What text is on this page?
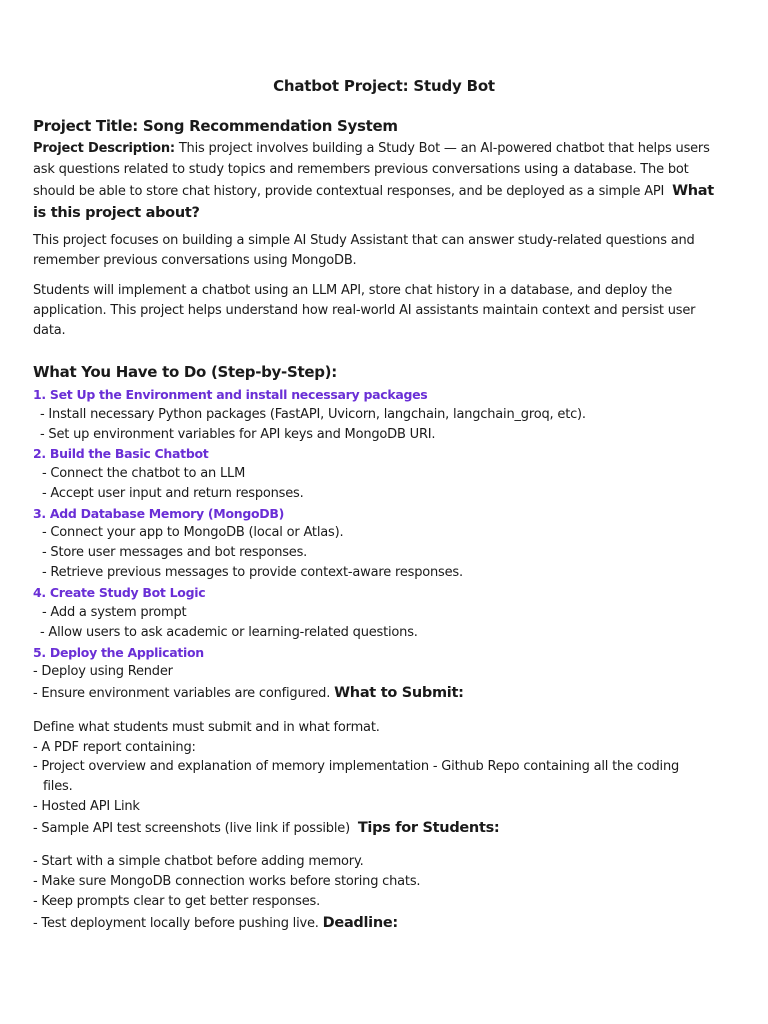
Chatbot Project: Study Bot
Project Title: Song Recommendation System
Project Description: This project involves building a Study Bot — an AI-powered chatbot that helps users
ask questions related to study topics and remembers previous conversations using a database. The bot
should be able to store chat history, provide contextual responses, and be deployed as a simple API What
is this project about?
This project focuses on building a simple AI Study Assistant that can answer study-related questions and
remember previous conversations using MongoDB.
Students will implement a chatbot using an LLM API, store chat history in a database, and deploy the
application. This project helps understand how real-world AI assistants maintain context and persist user
data.
What You Have to Do (Step-by-Step):
1. Set Up the Environment and install necessary packages
- Install necessary Python packages (FastAPI, Uvicorn, langchain, langchain_groq, etc).
- Set up environment variables for API keys and MongoDB URI.
2. Build the Basic Chatbot
- Connect the chatbot to an LLM
- Accept user input and return responses.
3. Add Database Memory (MongoDB)
- Connect your app to MongoDB (local or Atlas).
- Store user messages and bot responses.
- Retrieve previous messages to provide context-aware responses.
4. Create Study Bot Logic
- Add a system prompt
- Allow users to ask academic or learning-related questions.
5. Deploy the Application
- Deploy using Render
- Ensure environment variables are configured. What to Submit:
Define what students must submit and in what format.
- A PDF report containing:
- Project overview and explanation of memory implementation - Github Repo containing all the coding
files.
- Hosted API Link
- Sample API test screenshots (live link if possible) Tips for Students:
- Start with a simple chatbot before adding memory.
- Make sure MongoDB connection works before storing chats.
- Keep prompts clear to get better responses.
- Test deployment locally before pushing live. Deadline:
